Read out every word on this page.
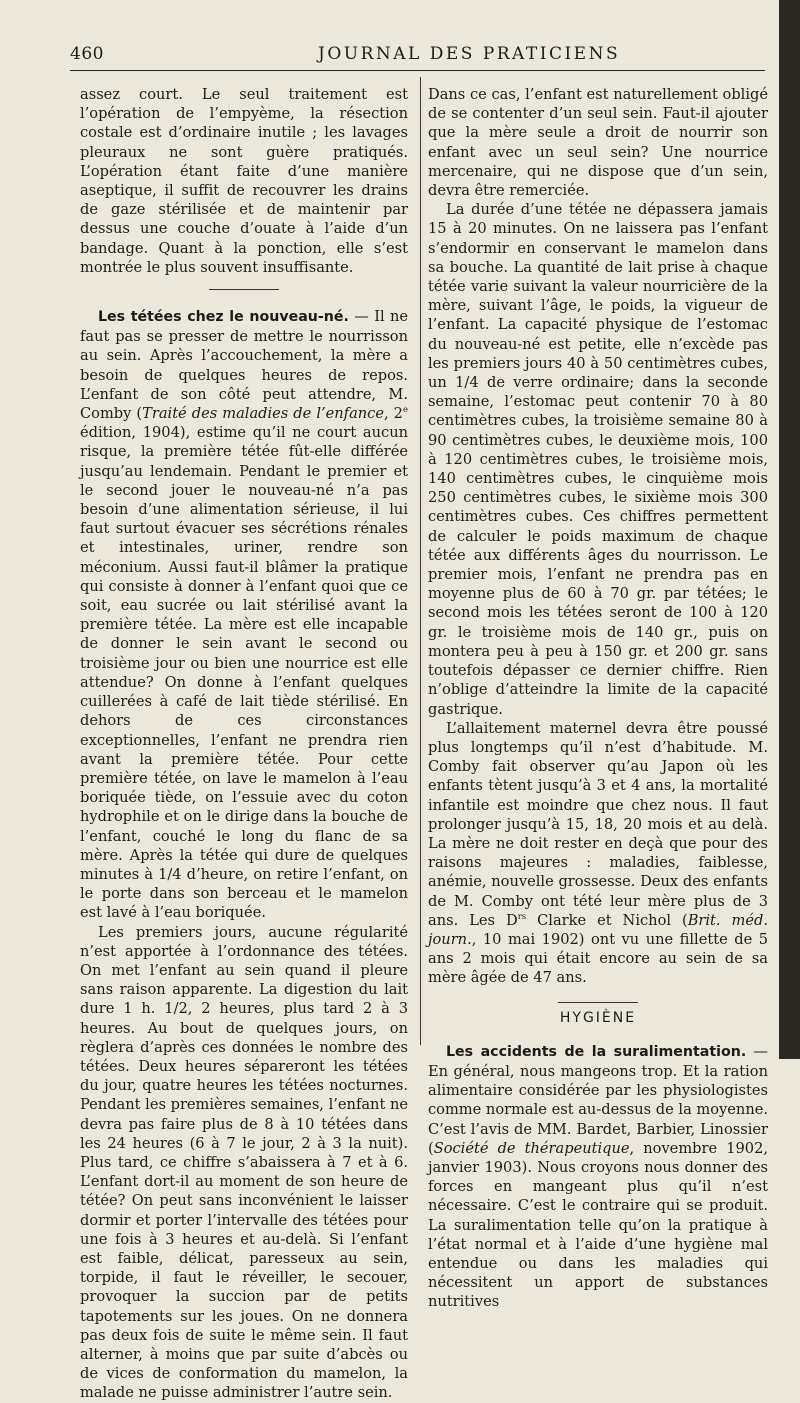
460	JOURNAL DES PRATICIENS

assez court. Le seul traitement est l’opération de l’empyème, la résection costale est d’ordinaire inutile ; les lavages pleuraux ne sont guère pratiqués. L’opération étant faite d’une manière aseptique, il suffit de recouvrer les drains de gaze stérilisée et de maintenir par dessus une couche d’ouate à l’aide d’un bandage. Quant à la ponction, elle s’est montrée le plus souvent insuffisante.

Les tétées chez le nouveau-né. — Il ne faut pas se presser de mettre le nourrisson au sein. Après l’accouchement, la mère a besoin de quelques heures de repos. L’enfant de son côté peut attendre, M. Comby (Traité des maladies de l’enfance, 2e édition, 1904), estime qu’il ne court aucun risque, la première tétée fût-elle différée jusqu’au lendemain. Pendant le premier et le second jouer le nouveau-né n’a pas besoin d’une alimentation sérieuse, il lui faut surtout évacuer ses sécrétions rénales et intestinales, uriner, rendre son méconium. Aussi faut-il blâmer la pratique qui consiste à donner à l’enfant quoi que ce soit, eau sucrée ou lait stérilisé avant la première tétée. La mère est elle incapable de donner le sein avant le second ou troisième jour ou bien une nourrice est elle attendue? On donne à l’enfant quelques cuillerées à café de lait tiède stérilisé. En dehors de ces circonstances exceptionnelles, l’enfant ne prendra rien avant la première tétée. Pour cette première tétée, on lave le mamelon à l’eau boriquée tiède, on l’essuie avec du coton hydrophile et on le dirige dans la bouche de l’enfant, couché le long du flanc de sa mère. Après la tétée qui dure de quelques minutes à 1/4 d’heure, on retire l’enfant, on le porte dans son berceau et le mamelon est lavé à l’eau boriquée.

Les premiers jours, aucune régularité n’est apportée à l’ordonnance des tétées. On met l’enfant au sein quand il pleure sans raison apparente. La digestion du lait dure 1 h. 1/2, 2 heures, plus tard 2 à 3 heures. Au bout de quelques jours, on règlera d’après ces données le nombre des tétées. Deux heures sépareront les tétées du jour, quatre heures les tétées nocturnes. Pendant les premières semaines, l’enfant ne devra pas faire plus de 8 à 10 tétées dans les 24 heures (6 à 7 le jour, 2 à 3 la nuit). Plus tard, ce chiffre s’abaissera à 7 et à 6. L’enfant dort-il au moment de son heure de tétée? On peut sans inconvénient le laisser dormir et porter l’intervalle des tétées pour une fois à 3 heures et au-delà. Si l’enfant est faible, délicat, paresseux au sein, torpide, il faut le réveiller, le secouer, provoquer la succion par de petits tapotements sur les joues. On ne donnera pas deux fois de suite le même sein. Il faut alterner, à moins que par suite d’abcès ou de vices de conformation du mamelon, la malade ne puisse administrer l’autre sein.

Dans ce cas, l’enfant est naturellement obligé de se contenter d’un seul sein. Faut-il ajouter que la mère seule a droit de nourrir son enfant avec un seul sein? Une nourrice mercenaire, qui ne dispose que d’un sein, devra être remerciée.

La durée d’une tétée ne dépassera jamais 15 à 20 minutes. On ne laissera pas l’enfant s’endormir en conservant le mamelon dans sa bouche. La quantité de lait prise à chaque tétée varie suivant la valeur nourricière de la mère, suivant l’âge, le poids, la vigueur de l’enfant. La capacité physique de l’estomac du nouveau-né est petite, elle n’excède pas les premiers jours 40 à 50 centimètres cubes, un 1/4 de verre ordinaire; dans la seconde semaine, l’estomac peut contenir 70 à 80 centimètres cubes, la troisième semaine 80 à 90 centimètres cubes, le deuxième mois, 100 à 120 centimètres cubes, le troisième mois, 140 centimètres cubes, le cinquième mois 250 centimètres cubes, le sixième mois 300 centimètres cubes. Ces chiffres permettent de calculer le poids maximum de chaque tétée aux différents âges du nourrisson. Le premier mois, l’enfant ne prendra pas en moyenne plus de 60 à 70 gr. par tétées; le second mois les tétées seront de 100 à 120 gr. le troisième mois de 140 gr., puis on montera peu à peu à 150 gr. et 200 gr. sans toutefois dépasser ce dernier chiffre. Rien n’oblige d’atteindre la limite de la capacité gastrique.

L’allaitement maternel devra être poussé plus longtemps qu’il n’est d’habitude. M. Comby fait observer qu’au Japon où les enfants tètent jusqu’à 3 et 4 ans, la mortalité infantile est moindre que chez nous. Il faut prolonger jusqu’à 15, 18, 20 mois et au delà. La mère ne doit rester en deçà que pour des raisons majeures : maladies, faiblesse, anémie, nouvelle grossesse. Deux des enfants de M. Comby ont tété leur mère plus de 3 ans. Les $D^{rs}$ Clarke et Nichol (Brit. méd. journ., 10 mai 1902) ont vu une fillette de 5 ans 2 mois qui était encore au sein de sa mère âgée de 47 ans.

HYGIÈNE

Les accidents de la suralimentation. — En général, nous mangeons trop. Et la ration alimentaire considérée par les physiologistes comme normale est au-dessus de la moyenne. C’est l’avis de MM. Bardet, Barbier, Linossier (Société de thérapeutique, novembre 1902, janvier 1903). Nous croyons nous donner des forces en mangeant plus qu’il n’est nécessaire. C’est le contraire qui se produit. La suralimentation telle qu’on la pratique à l’état normal et à l’aide d’une hygiène mal entendue ou dans les maladies qui nécessitent un apport de substances nutritives
